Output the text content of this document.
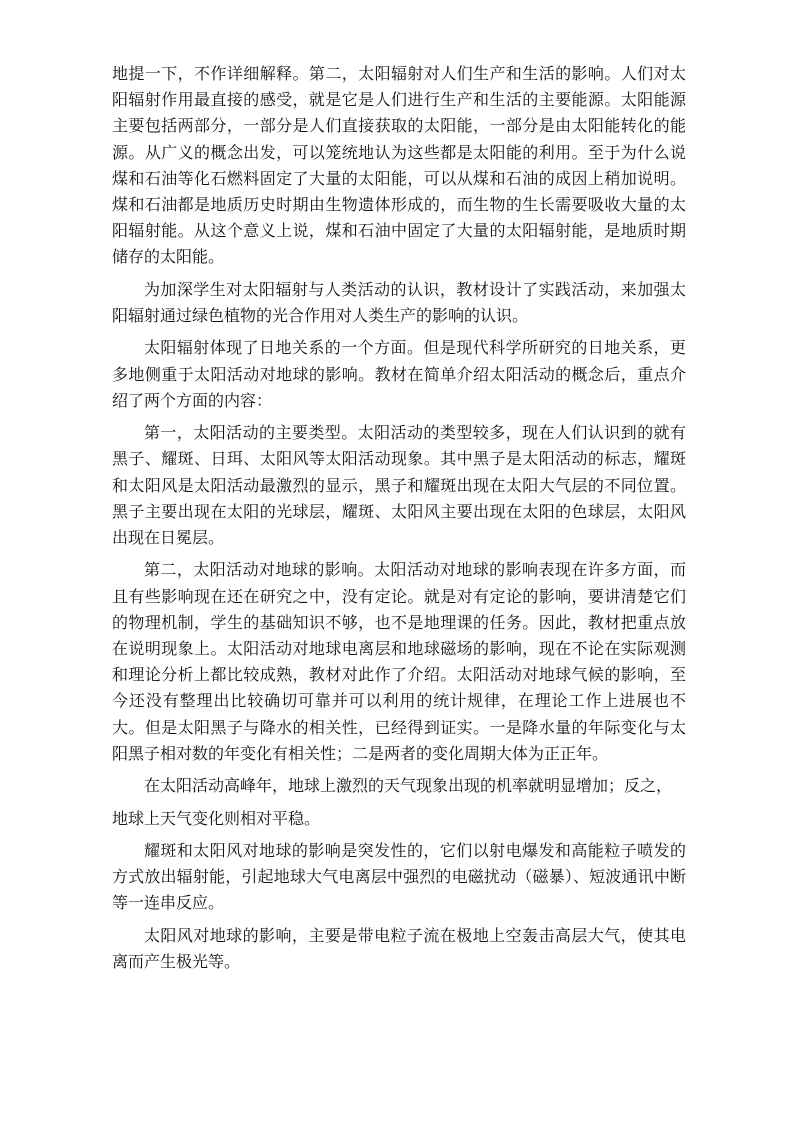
地提一下，不作详细解释。第二，太阳辐射对人们生产和生活的影响。人们对太阳辐射作用最直接的感受，就是它是人们进行生产和生活的主要能源。太阳能源主要包括两部分，一部分是人们直接获取的太阳能，一部分是由太阳能转化的能源。从广义的概念出发，可以笼统地认为这些都是太阳能的利用。至于为什么说煤和石油等化石燃料固定了大量的太阳能，可以从煤和石油的成因上稍加说明。煤和石油都是地质历史时期由生物遗体形成的，而生物的生长需要吸收大量的太阳辐射能。从这个意义上说，煤和石油中固定了大量的太阳辐射能，是地质时期储存的太阳能。

为加深学生对太阳辐射与人类活动的认识，教材设计了实践活动，来加强太阳辐射通过绿色植物的光合作用对人类生产的影响的认识。

太阳辐射体现了日地关系的一个方面。但是现代科学所研究的日地关系，更多地侧重于太阳活动对地球的影响。教材在简单介绍太阳活动的概念后，重点介绍了两个方面的内容：

第一，太阳活动的主要类型。太阳活动的类型较多，现在人们认识到的就有黑子、耀斑、日珥、太阳风等太阳活动现象。其中黑子是太阳活动的标志，耀斑和太阳风是太阳活动最激烈的显示，黑子和耀斑出现在太阳大气层的不同位置。黑子主要出现在太阳的光球层，耀斑、太阳风主要出现在太阳的色球层，太阳风出现在日冕层。

第二，太阳活动对地球的影响。太阳活动对地球的影响表现在许多方面，而且有些影响现在还在研究之中，没有定论。就是对有定论的影响，要讲清楚它们的物理机制，学生的基础知识不够，也不是地理课的任务。因此，教材把重点放在说明现象上。太阳活动对地球电离层和地球磁场的影响，现在不论在实际观测和理论分析上都比较成熟，教材对此作了介绍。太阳活动对地球气候的影响，至今还没有整理出比较确切可靠并可以利用的统计规律，在理论工作上进展也不大。但是太阳黑子与降水的相关性，已经得到证实。一是降水量的年际变化与太阳黑子相对数的年变化有相关性；二是两者的变化周期大体为正正年。

在太阳活动高峰年，地球上激烈的天气现象出现的机率就明显增加；反之，

地球上天气变化则相对平稳。

耀斑和太阳风对地球的影响是突发性的，它们以射电爆发和高能粒子喷发的方式放出辐射能，引起地球大气电离层中强烈的电磁扰动（磁暴）、短波通讯中断等一连串反应。

太阳风对地球的影响，主要是带电粒子流在极地上空轰击高层大气，使其电离而产生极光等。
